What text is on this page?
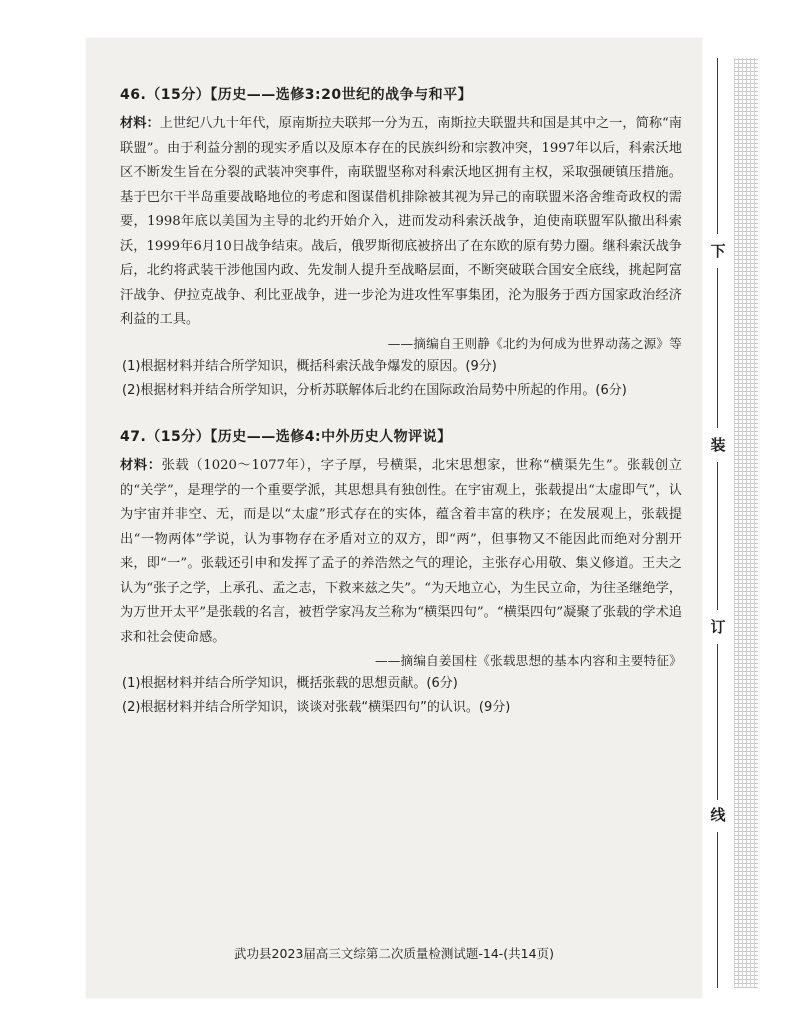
46.（15分）【历史——选修3:20世纪的战争与和平】

材料：上世纪八九十年代，原南斯拉夫联邦一分为五，南斯拉夫联盟共和国是其中之一，简称“南联盟”。由于利益分割的现实矛盾以及原本存在的民族纠纷和宗教冲突，1997年以后，科索沃地区不断发生旨在分裂的武装冲突事件，南联盟坚称对科索沃地区拥有主权，采取强硬镇压措施。基于巴尔干半岛重要战略地位的考虑和图谋借机排除被其视为异己的南联盟米洛舍维奇政权的需要，1998年底以美国为主导的北约开始介入，进而发动科索沃战争，迫使南联盟军队撤出科索沃，1999年6月10日战争结束。战后，俄罗斯彻底被挤出了在东欧的原有势力圈。继科索沃战争后，北约将武装干涉他国内政、先发制人提升至战略层面，不断突破联合国安全底线，挑起阿富汗战争、伊拉克战争、利比亚战争，进一步沦为进攻性军事集团，沦为服务于西方国家政治经济利益的工具。

——摘编自王则静《北约为何成为世界动荡之源》等

(1)根据材料并结合所学知识，概括科索沃战争爆发的原因。(9分)

(2)根据材料并结合所学知识，分析苏联解体后北约在国际政治局势中所起的作用。(6分)

47.（15分）【历史——选修4:中外历史人物评说】

材料：张载（1020～1077年），字子厚，号横渠，北宋思想家，世称“横渠先生”。张载创立的“关学”，是理学的一个重要学派，其思想具有独创性。在宇宙观上，张载提出“太虚即气”，认为宇宙并非空、无，而是以“太虚”形式存在的实体，蕴含着丰富的秩序；在发展观上，张载提出“一物两体”学说，认为事物存在矛盾对立的双方，即“两”，但事物又不能因此而绝对分割开来，即“一”。张载还引申和发挥了孟子的养浩然之气的理论，主张存心用敬、集义修道。王夫之认为“张子之学，上承孔、孟之志，下救来兹之失”。“为天地立心，为生民立命，为往圣继绝学，为万世开太平”是张载的名言，被哲学家冯友兰称为“横渠四句”。“横渠四句”凝聚了张载的学术追求和社会使命感。

——摘编自姜国柱《张载思想的基本内容和主要特征》

(1)根据材料并结合所学知识，概括张载的思想贡献。(6分)

(2)根据材料并结合所学知识，谈谈对张载“横渠四句”的认识。(9分)

武功县2023届高三文综第二次质量检测试题-14-(共14页)
下
装
订
线
